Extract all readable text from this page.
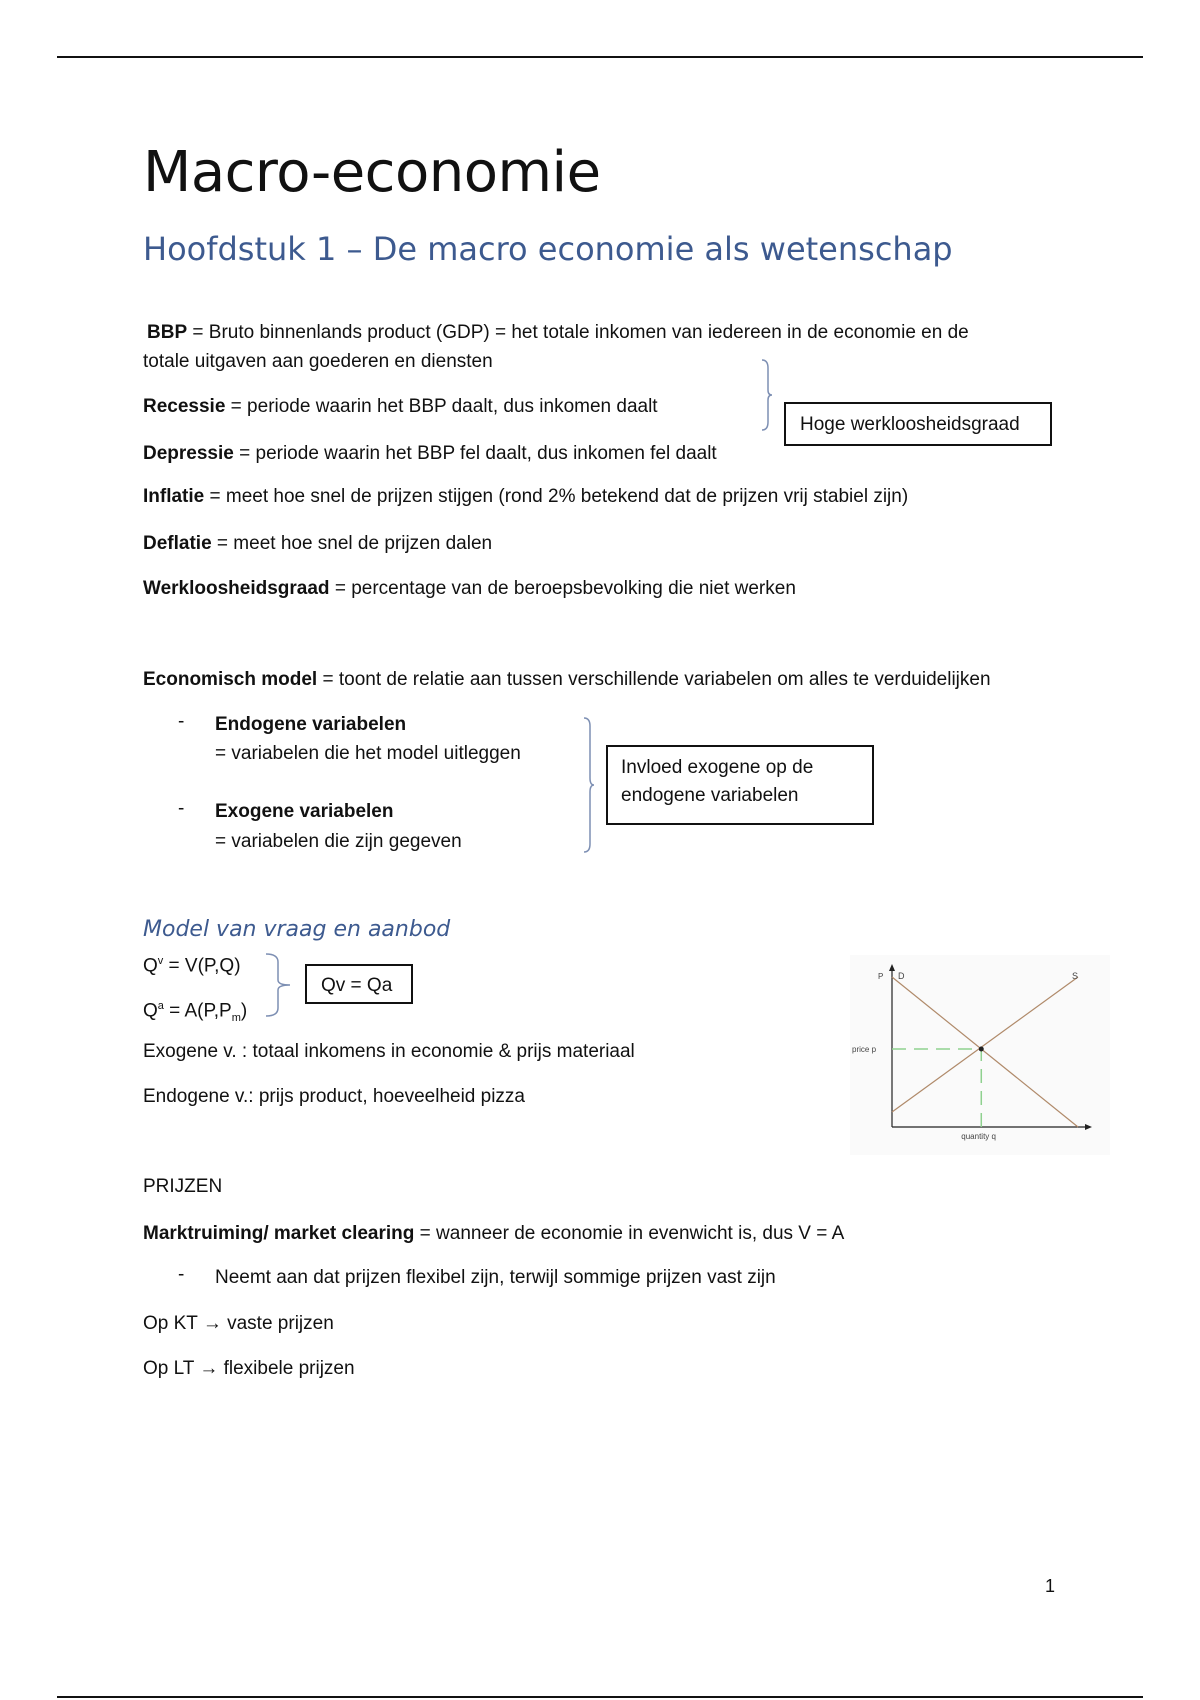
Macro-economie
Hoofdstuk 1 – De macro economie als wetenschap

BBP = Bruto binnenlands product (GDP) = het totale inkomen van iedereen in de economie en de

totale uitgaven aan goederen en diensten

Recessie = periode waarin het BBP daalt, dus inkomen daalt

Depressie = periode waarin het BBP fel daalt, dus inkomen fel daalt

Inflatie = meet hoe snel de prijzen stijgen (rond 2% betekend dat de prijzen vrij stabiel zijn)

Deflatie = meet hoe snel de prijzen dalen

Werkloosheidsgraad = percentage van de beroepsbevolking die niet werken

Hoge werkloosheidsgraad

Economisch model = toont de relatie aan tussen verschillende variabelen om alles te verduidelijken

- Endogene variabelen

= variabelen die het model uitleggen

- Exogene variabelen

= variabelen die zijn gegeven

Invloed exogene op de endogene variabelen
Model van vraag en aanbod

$Q^v = V(P,Q)$

$Q^a = A(P,P_m)$

Qv = Qa

Exogene v. : totaal inkomens in economie & prijs materiaal

Endogene v.: prijs product, hoeveelheid pizza

D	S
P
price p
quantity q

PRIJZEN

Marktruiming/ market clearing = wanneer de economie in evenwicht is, dus V = A

- Neemt aan dat prijzen flexibel zijn, terwijl sommige prijzen vast zijn

Op KT → vaste prijzen

Op LT → flexibele prijzen

1
